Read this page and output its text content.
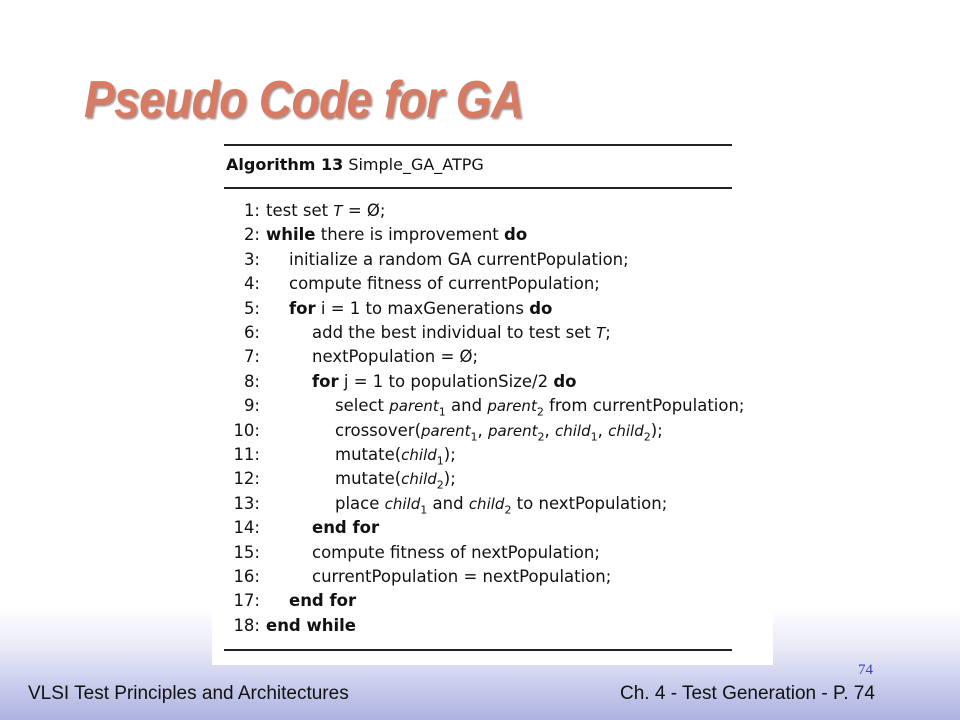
Pseudo Code for GA
Algorithm 13 Simple_GA_ATPG
1: test set T = Ø;
2: while there is improvement do
3: initialize a random GA currentPopulation;
4: compute fitness of currentPopulation;
5: for i = 1 to maxGenerations do
6:	add the best individual to test set T;
7:	nextPopulation = Ø;
8:	for j = 1 to populationSize/2 do
9:	select parent$_1$ and parent$_2$ from currentPopulation;
10:	crossover(parent$_1$, parent$_2$, child$_1$, child$_2$);
11:	mutate(child$_1$);
12:	mutate(child$_2$);
13:	place child$_1$ and child$_2$ to nextPopulation;
14:	end for
15:	compute fitness of nextPopulation;
16:	currentPopulation = nextPopulation;
17: end for
18: end while
74
VLSI Test Principles and Architectures	Ch. 4 - Test Generation - P. 74
